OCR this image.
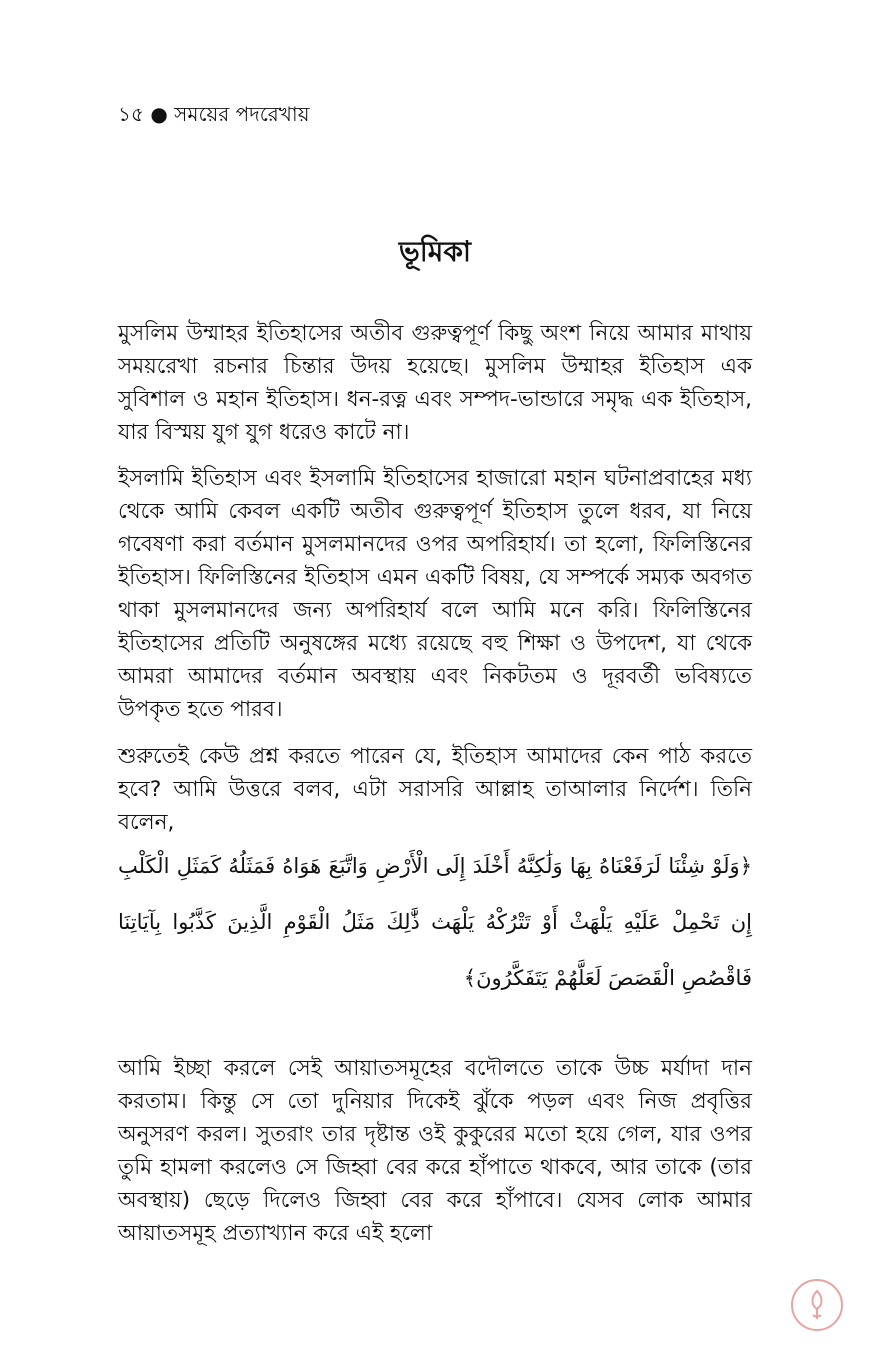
১৫ ● সময়ের পদরেখায়
ভূমিকা

মুসলিম উম্মাহর ইতিহাসের অতীব গুরুত্বপূর্ণ কিছু অংশ নিয়ে আমার মাথায় সময়রেখা রচনার চিন্তার উদয় হয়েছে। মুসলিম উম্মাহর ইতিহাস এক সুবিশাল ও মহান ইতিহাস। ধন-রত্ন এবং সম্পদ-ভান্ডারে সমৃদ্ধ এক ইতিহাস, যার বিস্ময় যুগ যুগ ধরেও কাটে না।

ইসলামি ইতিহাস এবং ইসলামি ইতিহাসের হাজারো মহান ঘটনাপ্রবাহের মধ্য থেকে আমি কেবল একটি অতীব গুরুত্বপূর্ণ ইতিহাস তুলে ধরব, যা নিয়ে গবেষণা করা বর্তমান মুসলমানদের ওপর অপরিহার্য। তা হলো, ফিলিস্তিনের ইতিহাস। ফিলিস্তিনের ইতিহাস এমন একটি বিষয়, যে সম্পর্কে সম্যক অবগত থাকা মুসলমানদের জন্য অপরিহার্য বলে আমি মনে করি। ফিলিস্তিনের ইতিহাসের প্রতিটি অনুষঙ্গের মধ্যে রয়েছে বহু শিক্ষা ও উপদেশ, যা থেকে আমরা আমাদের বর্তমান অবস্থায় এবং নিকটতম ও দূরবর্তী ভবিষ্যতে উপকৃত হতে পারব।

শুরুতেই কেউ প্রশ্ন করতে পারেন যে, ইতিহাস আমাদের কেন পাঠ করতে হবে? আমি উত্তরে বলব, এটা সরাসরি আল্লাহ তাআলার নির্দেশ। তিনি বলেন,

﴿وَلَوْ شِئْنَا لَرَفَعْنَاهُ بِهَا وَلَٰكِنَّهُ أَخْلَدَ إِلَى الْأَرْضِ وَاتَّبَعَ هَوَاهُ فَمَثَلُهُ كَمَثَلِ الْكَلْبِ إِن تَحْمِلْ عَلَيْهِ يَلْهَثْ أَوْ تَتْرُكْهُ يَلْهَث ذَّٰلِكَ مَثَلُ الْقَوْمِ الَّذِينَ كَذَّبُوا بِآيَاتِنَا فَاقْصُصِ الْقَصَصَ لَعَلَّهُمْ يَتَفَكَّرُونَ﴾

আমি ইচ্ছা করলে সেই আয়াতসমূহের বদৌলতে তাকে উচ্চ মর্যাদা দান করতাম। কিন্তু সে তো দুনিয়ার দিকেই ঝুঁকে পড়ল এবং নিজ প্রবৃত্তির অনুসরণ করল। সুতরাং তার দৃষ্টান্ত ওই কুকুরের মতো হয়ে গেল, যার ওপর তুমি হামলা করলেও সে জিহ্বা বের করে হাঁপাতে থাকবে, আর তাকে (তার অবস্থায়) ছেড়ে দিলেও জিহ্বা বের করে হাঁপাবে। যেসব লোক আমার আয়াতসমূহ প্রত্যাখ্যান করে এই হলো
